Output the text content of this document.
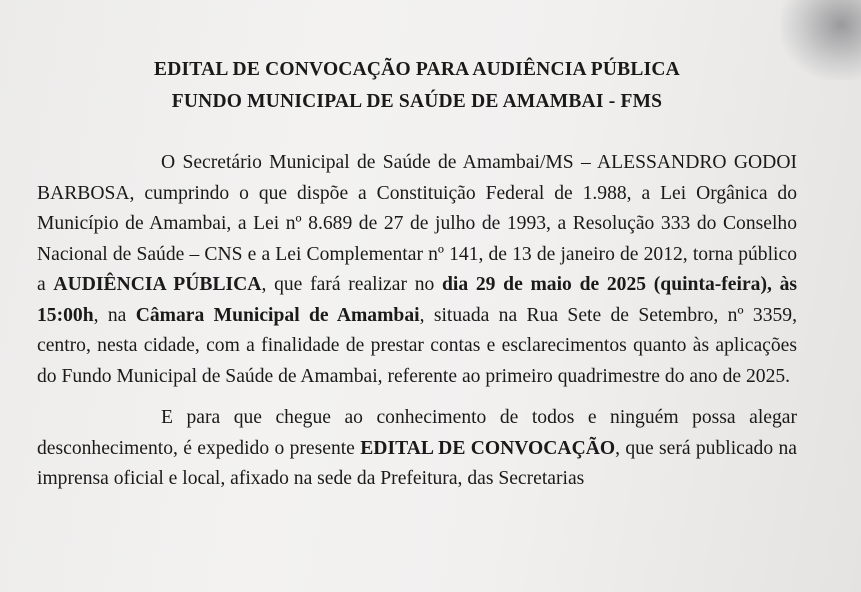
EDITAL DE CONVOCAÇÃO PARA AUDIÊNCIA PÚBLICA
FUNDO MUNICIPAL DE SAÚDE DE AMAMBAI - FMS

O Secretário Municipal de Saúde de Amambai/MS – ALESSANDRO GODOI BARBOSA, cumprindo o que dispõe a Constituição Federal de 1.988, a Lei Orgânica do Município de Amambai, a Lei nº 8.689 de 27 de julho de 1993, a Resolução 333 do Conselho Nacional de Saúde – CNS e a Lei Complementar nº 141, de 13 de janeiro de 2012, torna público a AUDIÊNCIA PÚBLICA, que fará realizar no dia 29 de maio de 2025 (quinta-feira), às 15:00h, na Câmara Municipal de Amambai, situada na Rua Sete de Setembro, nº 3359, centro, nesta cidade, com a finalidade de prestar contas e esclarecimentos quanto às aplicações do Fundo Municipal de Saúde de Amambai, referente ao primeiro quadrimestre do ano de 2025.

E para que chegue ao conhecimento de todos e ninguém possa alegar desconhecimento, é expedido o presente EDITAL DE CONVOCAÇÃO, que será publicado na imprensa oficial e local, afixado na sede da Prefeitura, das Secretarias
